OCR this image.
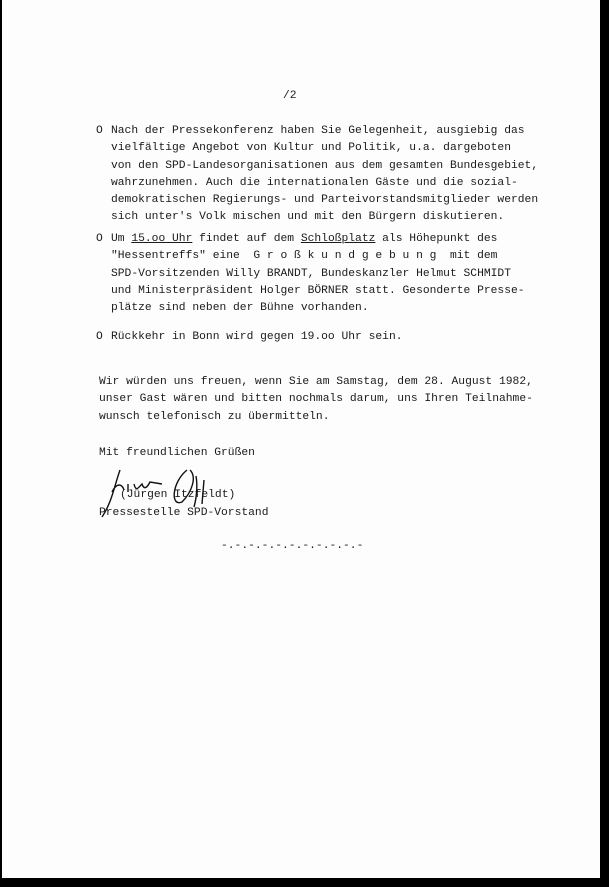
/2
O Nach der Pressekonferenz haben Sie Gelegenheit, ausgiebig das
vielfältige Angebot von Kultur und Politik, u.a. dargeboten
von den SPD-Landesorganisationen aus dem gesamten Bundesgebiet,
wahrzunehmen. Auch die internationalen Gäste und die sozial-
demokratischen Regierungs- und Parteivorstandsmitglieder werden
sich unter's Volk mischen und mit den Bürgern diskutieren.
O Um 15.oo Uhr findet auf dem Schloßplatz als Höhepunkt des
"Hessentreffs" eine  G r o ß k u n d g e b u n g  mit dem
SPD-Vorsitzenden Willy BRANDT, Bundeskanzler Helmut SCHMIDT
und Ministerpräsident Holger BÖRNER statt. Gesonderte Presse-
plätze sind neben der Bühne vorhanden.
O Rückkehr in Bonn wird gegen 19.oo Uhr sein.
Wir würden uns freuen, wenn Sie am Samstag, dem 28. August 1982,
unser Gast wären und bitten nochmals darum, uns Ihren Teilnahme-
wunsch telefonisch zu übermitteln.
Mit freundlichen Grüßen
(Jürgen Itzfeldt)
Pressestelle SPD-Vorstand
-.-.-.-.-.-.-.-.-.-.-
